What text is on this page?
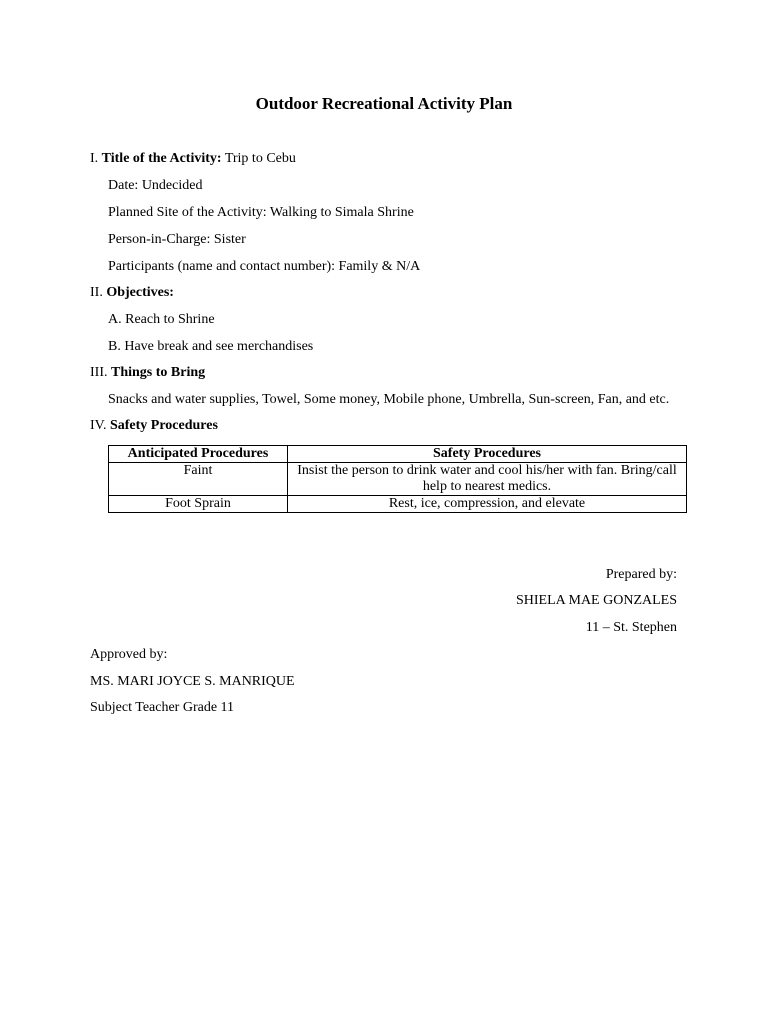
Outdoor Recreational Activity Plan
I. Title of the Activity: Trip to Cebu
Date: Undecided
Planned Site of the Activity: Walking to Simala Shrine
Person-in-Charge: Sister
Participants (name and contact number): Family & N/A
II. Objectives:
A. Reach to Shrine
B. Have break and see merchandises
III. Things to Bring
Snacks and water supplies, Towel, Some money, Mobile phone, Umbrella, Sun-screen, Fan, and etc.
IV. Safety Procedures
Anticipated Procedures	Safety Procedures
Faint	Insist the person to drink water and cool his/her with fan. Bring/call help to nearest medics.
Foot Sprain	Rest, ice, compression, and elevate
Prepared by:
SHIELA MAE GONZALES
11 – St. Stephen
Approved by:
MS. MARI JOYCE S. MANRIQUE
Subject Teacher Grade 11
